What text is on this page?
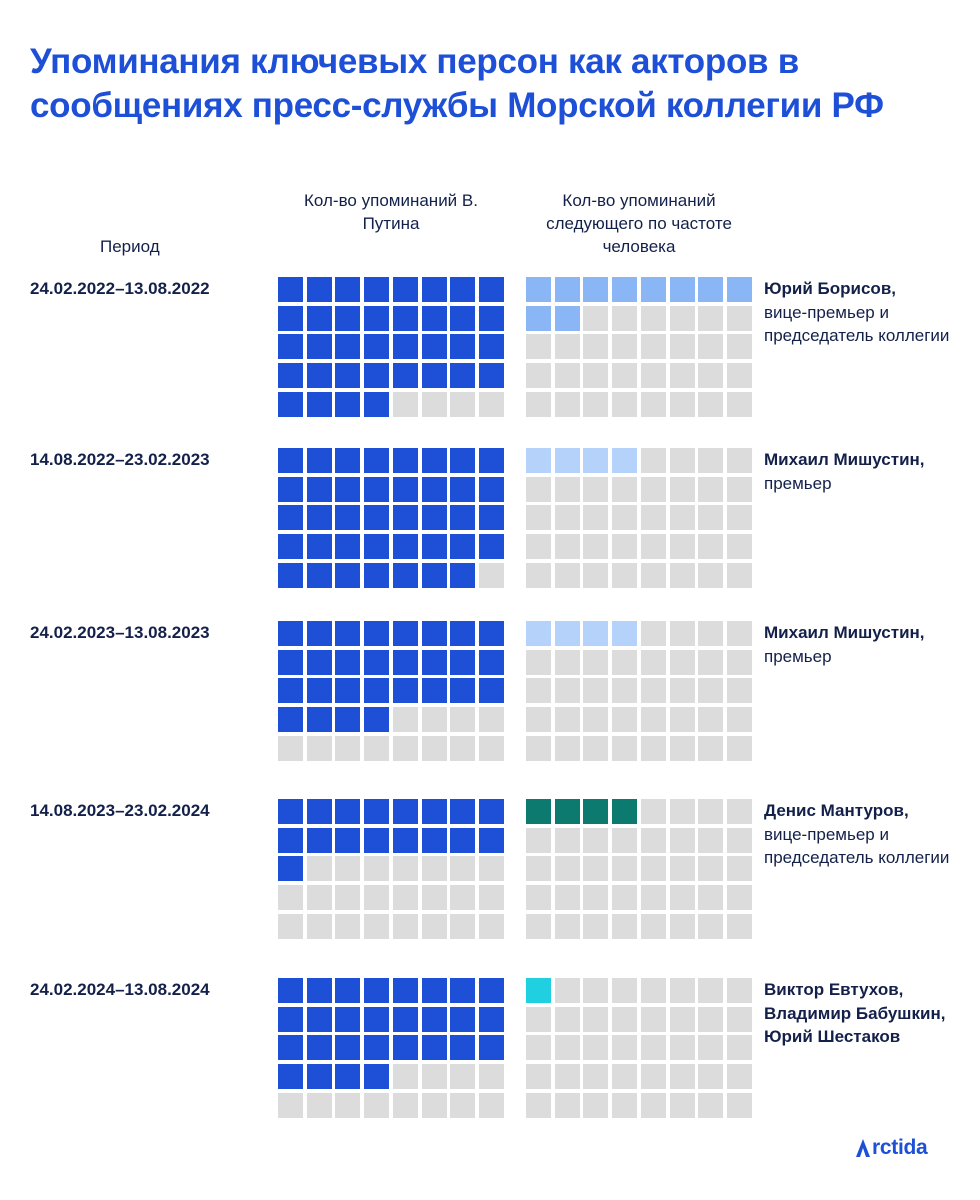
Упоминания ключевых персон как акторов в сообщениях пресс-службы Морской коллегии РФ
Период
Кол-во упоминаний В. Путина
Кол-во упоминаний следующего по частоте человека
24.02.2022–13.08.2022	Юрий Борисов,
вице-премьер и председатель коллегии
14.08.2022–23.02.2023	Михаил Мишустин,
премьер
24.02.2023–13.08.2023	Михаил Мишустин,
премьер
14.08.2023–23.02.2024	Денис Мантуров,
вице-премьер и председатель коллегии
24.02.2024–13.08.2024	Виктор Евтухов, Владимир Бабушкин, Юрий Шестаков
rctida
